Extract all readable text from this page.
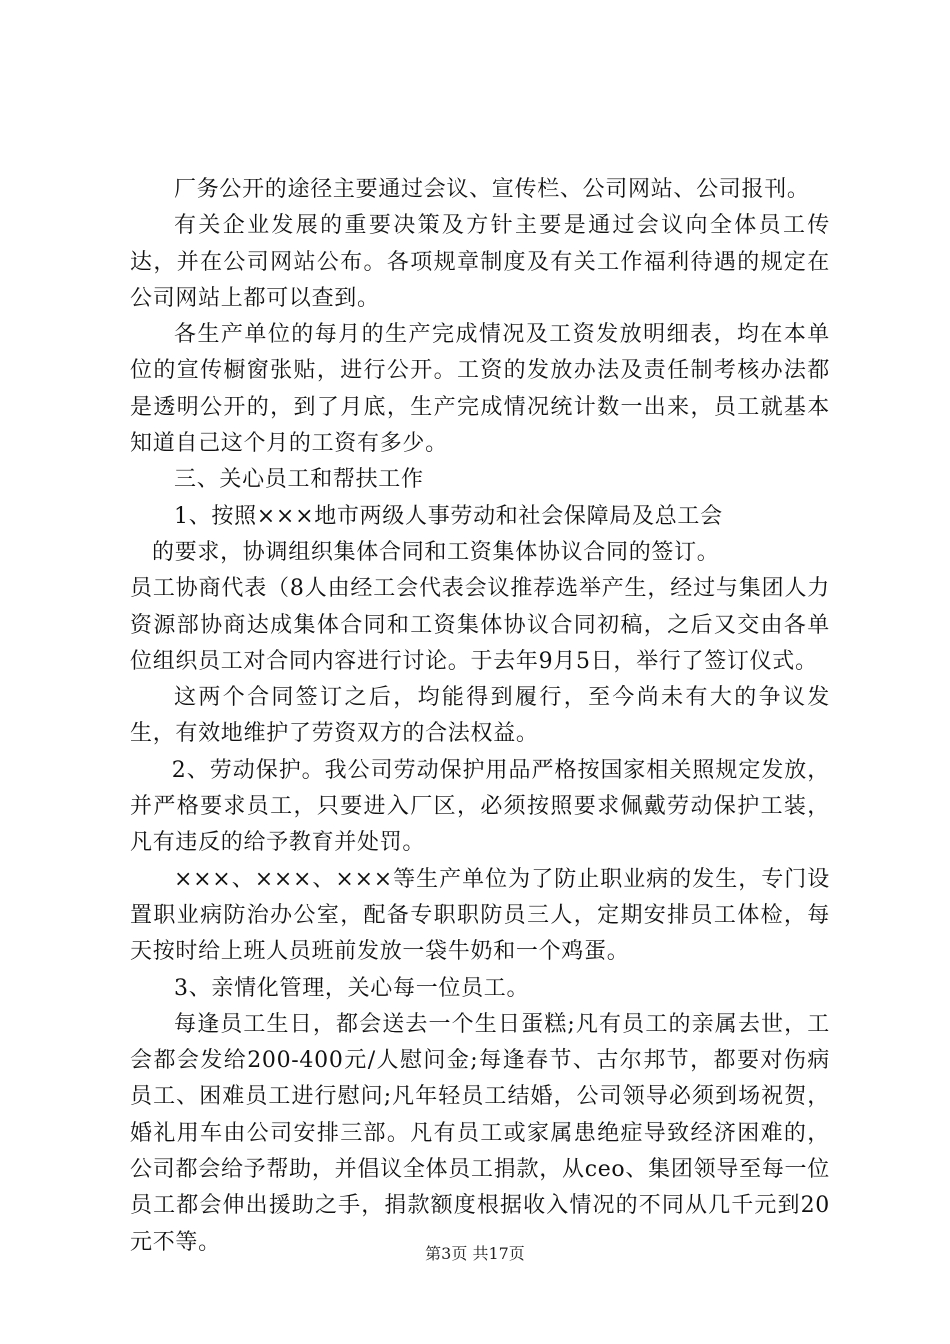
厂务公开的途径主要通过会议、宣传栏、公司网站、公司报刊。

有关企业发展的重要决策及方针主要是通过会议向全体员工传达，并在公司网站公布。各项规章制度及有关工作福利待遇的规定在公司网站上都可以查到。

各生产单位的每月的生产完成情况及工资发放明细表，均在本单位的宣传橱窗张贴，进行公开。工资的发放办法及责任制考核办法都是透明公开的，到了月底，生产完成情况统计数一出来，员工就基本知道自己这个月的工资有多少。

三、关心员工和帮扶工作

1、按照×××地市两级人事劳动和社会保障局及总工会
的要求，协调组织集体合同和工资集体协议合同的签订。
员工协商代表（8人由经工会代表会议推荐选举产生，经过与集团人力资源部协商达成集体合同和工资集体协议合同初稿，之后又交由各单位组织员工对合同内容进行讨论。于去年9月5日，举行了签订仪式。

这两个合同签订之后，均能得到履行，至今尚未有大的争议发生，有效地维护了劳资双方的合法权益。

2、劳动保护。我公司劳动保护用品严格按国家相关照规定发放，并严格要求员工，只要进入厂区，必须按照要求佩戴劳动保护工装，凡有违反的给予教育并处罚。

×××、×××、×××等生产单位为了防止职业病的发生，专门设置职业病防治办公室，配备专职职防员三人，定期安排员工体检，每天按时给上班人员班前发放一袋牛奶和一个鸡蛋。

3、亲情化管理，关心每一位员工。

每逢员工生日，都会送去一个生日蛋糕;凡有员工的亲属去世，工会都会发给200-400元/人慰问金;每逢春节、古尔邦节，都要对伤病员工、困难员工进行慰问;凡年轻员工结婚，公司领导必须到场祝贺，婚礼用车由公司安排三部。凡有员工或家属患绝症导致经济困难的，公司都会给予帮助，并倡议全体员工捐款，从ceo、集团领导至每一位员工都会伸出援助之手，捐款额度根据收入情况的不同从几千元到20元不等。	第3页 共17页
